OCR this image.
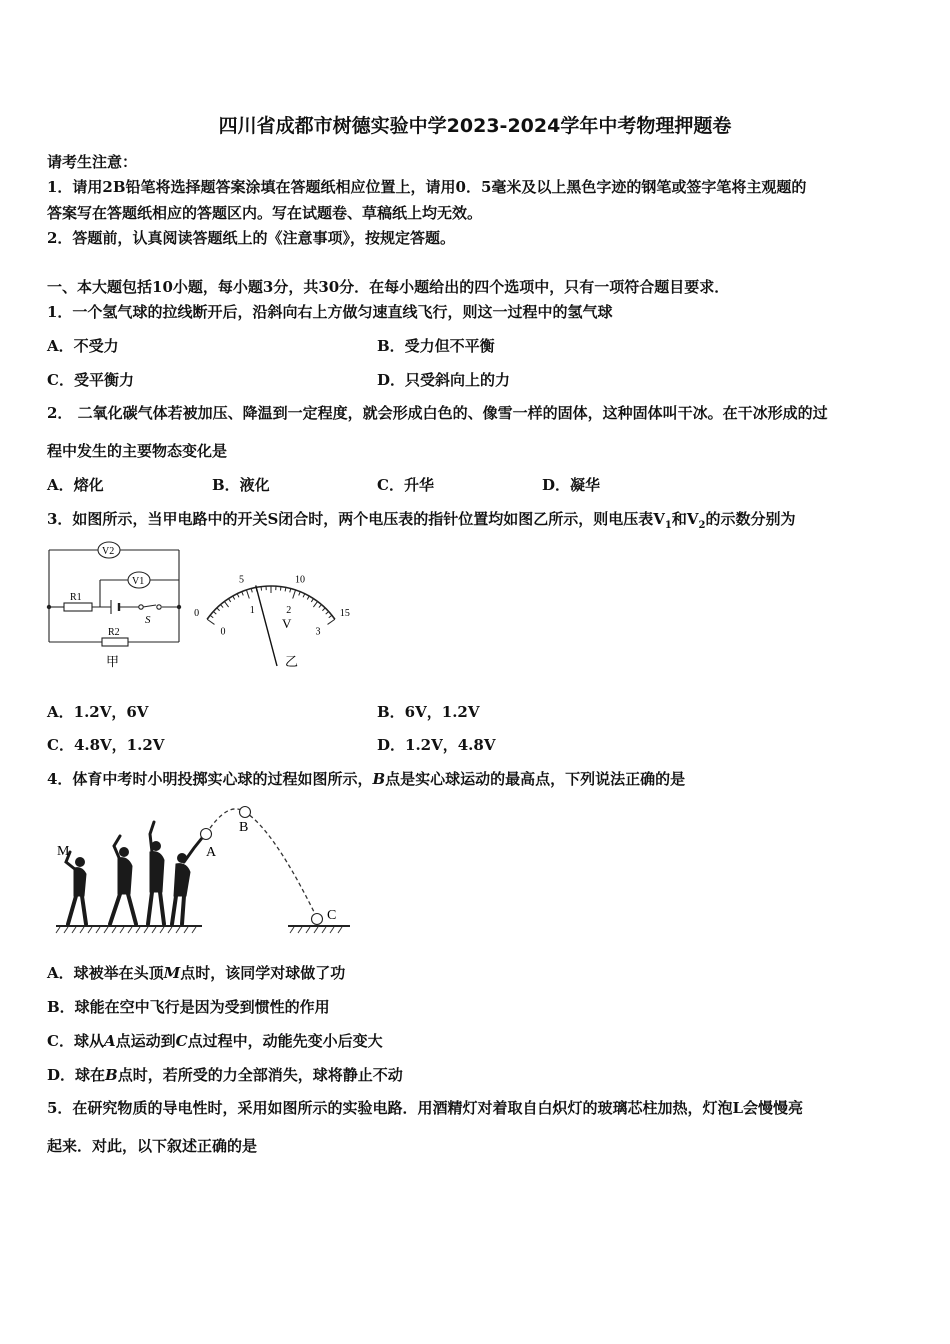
四川省成都市树德实验中学2023-2024学年中考物理押题卷
请考生注意：
1．请用2B铅笔将选择题答案涂填在答题纸相应位置上，请用0．5毫米及以上黑色字迹的钢笔或签字笔将主观题的
答案写在答题纸相应的答题区内。写在试题卷、草稿纸上均无效。
2．答题前，认真阅读答题纸上的《注意事项》，按规定答题。
一、本大题包括10小题，每小题3分，共30分．在每小题给出的四个选项中，只有一项符合题目要求．
1．一个氢气球的拉线断开后，沿斜向右上方做匀速直线飞行，则这一过程中的氢气球
A．不受力	B．受力但不平衡
C．受平衡力	D．只受斜向上的力
2． 二氧化碳气体若被加压、降温到一定程度，就会形成白色的、像雪一样的固体，这种固体叫干冰。在干冰形成的过
程中发生的主要物态变化是
A．熔化	B．液化	C．升华	D．凝华
3．如图所示，当甲电路中的开关S闭合时，两个电压表的指针位置均如图乙所示，则电压表$V_1$和$V_2$的示数分别为
V2
V1
R1
R2
S
甲
0
5	10
15
0
1	2
3
V
乙
A．1.2V，6V	B．6V，1.2V
C．4.8V，1.2V	D．1.2V，4.8V
4．体育中考时小明投掷实心球的过程如图所示，B点是实心球运动的最高点，下列说法正确的是
M	A
B
C
A．球被举在头顶M点时，该同学对球做了功
B．球能在空中飞行是因为受到惯性的作用
C．球从A点运动到C点过程中，动能先变小后变大
D．球在B点时，若所受的力全部消失，球将静止不动
5．在研究物质的导电性时，采用如图所示的实验电路．用酒精灯对着取自白炽灯的玻璃芯柱加热，灯泡L会慢慢亮
起来．对此，以下叙述正确的是
